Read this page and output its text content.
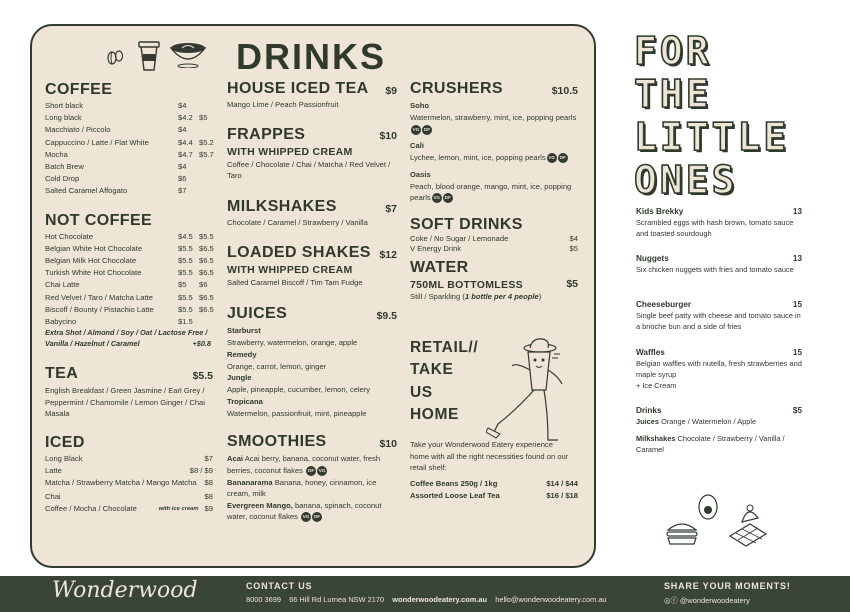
DRINKS
COFFEE
Short black	$4
Long black	$4.2 $5
Macchiato / Piccolo	$4
Cappuccino / Latte / Flat White	$4.4 $5.2
Mocha	$4.7 $5.7
Batch Brew	$4
Cold Drop	$6
Salted Caramel Affogato	$7
NOT COFFEE
Hot Chocolate	$4.5 $5.5
Belgian White Hot Chocolate	$5.5 $6.5
Belgian Milk Hot Chocolate	$5.5 $6.5
Turkish White Hot Chocolate	$5.5 $6.5
Chai Latte	$5	$6
Red Velvet / Taro / Matcha Latte	$5.5 $6.5
Biscoff / Bounty / Pistachio Latte	$5.5 $6.5
Babycino	$1.5
Extra Shot / Almond / Soy / Oat / Lactose Free / Vanilla / Hazelnut / Caramel	+$0.8
TEA	$5.5
English Breakfast / Green Jasmine / Earl Grey / Peppermint / Chamomile / Lemon Ginger / Chai Masala
ICED
Long Black	$7
Latte	$8 / $9
Matcha / Strawberry Matcha / Mango Matcha	$8
Chai	$8
Coffee / Mocha / Chocolate	with ice cream $9
HOUSE ICED TEA	$9
Mango Lime / Peach Passionfruit
FRAPPES	$10
WITH WHIPPED CREAM
Coffee / Chocolate / Chai / Matcha / Red Velvet / Taro
MILKSHAKES	$7
Chocolate / Caramel / Strawberry / Vanilla
LOADED SHAKES $12
WITH WHIPPED CREAM
Salted Caramel Biscoff / Tim Tam Fudge
JUICES	$9.5
Starburst
Strawberry, watermelon, orange, apple
Remedy
Orange, carrot, lemon, ginger
Jungle
Apple, pineapple, cucumber, lemon, celery
Tropicana
Watermelon, passionfruit, mint, pineapple
SMOOTHIES	$10
Acai Acai berry, banana, coconut water, fresh berries, coconut flakes DF VG
Bananarama Banana, honey, cinnamon, ice cream, milk
Evergreen Mango, banana, spinach, coconut water, coconut flakes VG DF
CRUSHERS	$10.5
Soho
Watermelon, strawberry, mint, ice, popping pearlsVG DF
Cali
Lychee, lemon, mint, ice, popping pearls VG DF
Oasis
Peach, blood orange, mango, mint, ice, popping pearls VG DF
SOFT DRINKS
Coke / No Sugar / Lemonade	$4
V Energy Drink	$5
WATER
750ML BOTTOMLESS	$5
Still / Sparkling (1 bottle per 4 people)
RETAIL//
TAKE
US
HOME
Take your Wonderwood Eatery experience home with all the right necessities found on our retail shelf:
Coffee Beans 250g / 1kg	$14 / $44
Assorted Loose Leaf Tea	$16 / $18
FOR
THE
LITTLE
ONES
Kids Brekky	13
Scrambled eggs with hash brown, tomato sauce and toasted sourdough
Nuggets	13
Six chicken nuggets with fries and tomato sauce
Cheeseburger	15
Single beef patty with cheese and tomato sauce in a brioche bun and a side of fries
Waffles	15
Belgian waffles with nutella, fresh strawberries and maple syrup
+ Ice Cream
Drinks	$5
Juices Orange / Watermelon / Apple
Milkshakes Chocolate / Strawberry / Vanilla / Caramel
Wonderwood	CONTACT US
8000 3699 66 Hill Rd Lurnea NSW 2170 wonderwoodeatery.com.au hello@wonderwoodeatery.com.au
SHARE YOUR MOMENTS!
◎ⓕ @wonderwoodeatery
